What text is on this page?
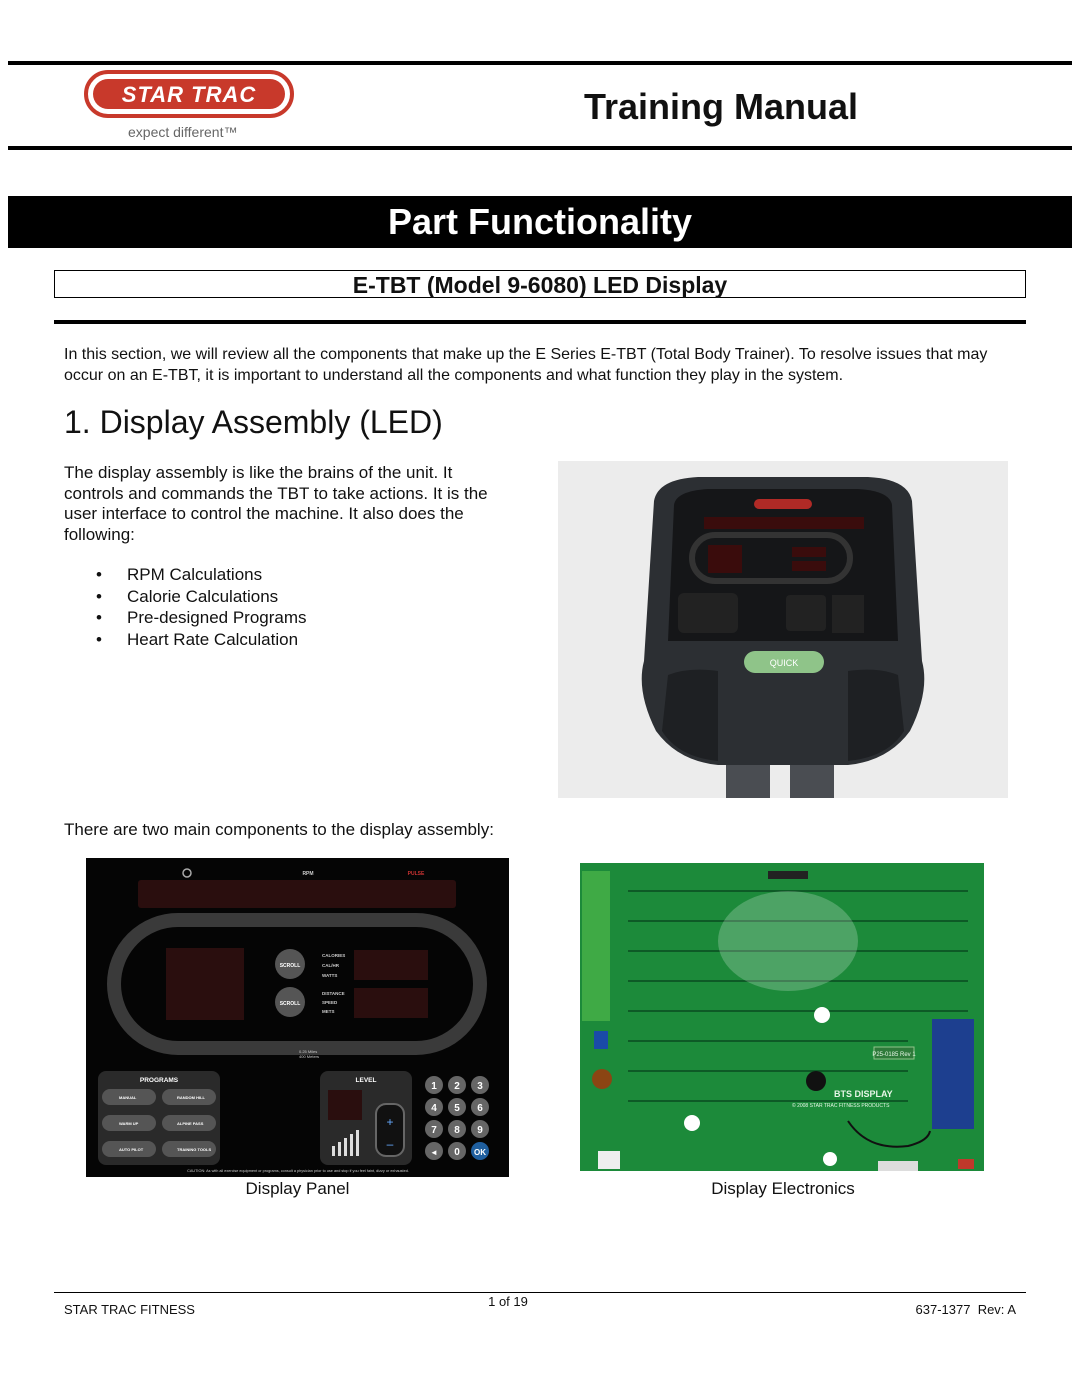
STAR TRAC
expect different™
Training Manual
Part Functionality
E-TBT (Model 9-6080) LED Display
In this section, we will review all the components that make up the E Series E-TBT (Total Body Trainer). To resolve issues that may occur on an E-TBT, it is important to understand all the components and what function they play in the system.
1. Display Assembly (LED)
The display assembly is like the brains of the unit. It controls and commands the TBT to take actions. It is the user interface to control the machine. It also does the following:
• RPM Calculations
• Calorie Calculations
• Pre-designed Programs
• Heart Rate Calculation
QUICK
There are two main components to the display assembly:
RPM	PULSE
SCROLL
SCROLL
CALORIES
CAL/HR
WATTS
DISTANCE
SPEED
METS
0.25 Miles
400 Meters
PROGRAMS
MANUAL	RANDOM HILL
WARM UP	ALPINE PASS
AUTO PILOT	TRAINING TOOLS
LEVEL
+
–
1 2 3
4 5 6
7 8 9
◄ 0 OK
CAUTION: As with all exercise equipment or programs, consult a physician prior to use and stop if you feel faint, dizzy or exhausted.
P25-0185 Rev 1
BTS DISPLAY
© 2008 STAR TRAC FITNESS PRODUCTS
Display Panel	Display Electronics
STAR TRAC FITNESS
1 of 19
637-1377  Rev: A
